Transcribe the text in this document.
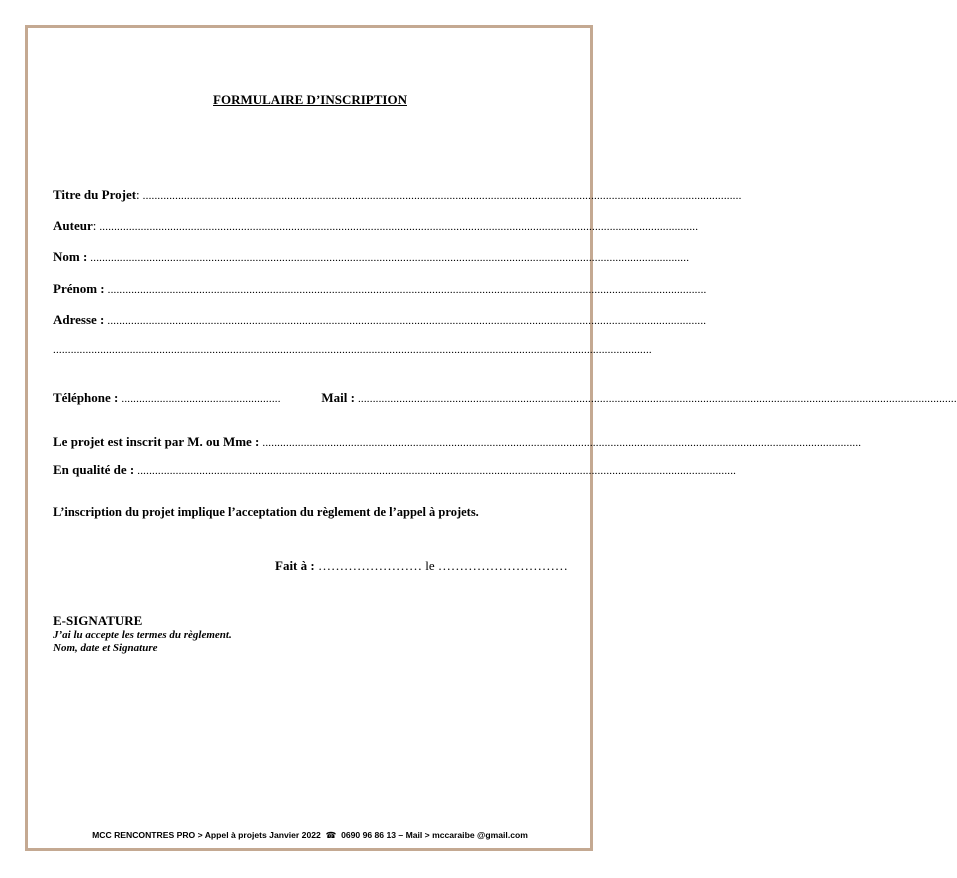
FORMULAIRE D’INSCRIPTION
Titre du Projet : ...........................................................................................................................................................................................................
Auteur : ...........................................................................................................................................................................................................
Nom : ...........................................................................................................................................................................................................
Prénom : ...........................................................................................................................................................................................................
Adresse : ...........................................................................................................................................................................................................
...........................................................................................................................................................................................................
Téléphone : ......................................................	Mail : ...........................................................................................................................................................................................................
Le projet est inscrit par M. ou Mme : ...........................................................................................................................................................................................................
En qualité de : ...........................................................................................................................................................................................................
L’inscription du projet implique l’acceptation du règlement de l’appel à projets.
Fait à : …………………… le …………………………
E-SIGNATURE
J’ai lu accepte les termes du règlement.
Nom, date et Signature
MCC RENCONTRES PRO > Appel à projets Janvier 2022  ☎  0690 96 86 13 – Mail > mccaraibe @gmail.com
